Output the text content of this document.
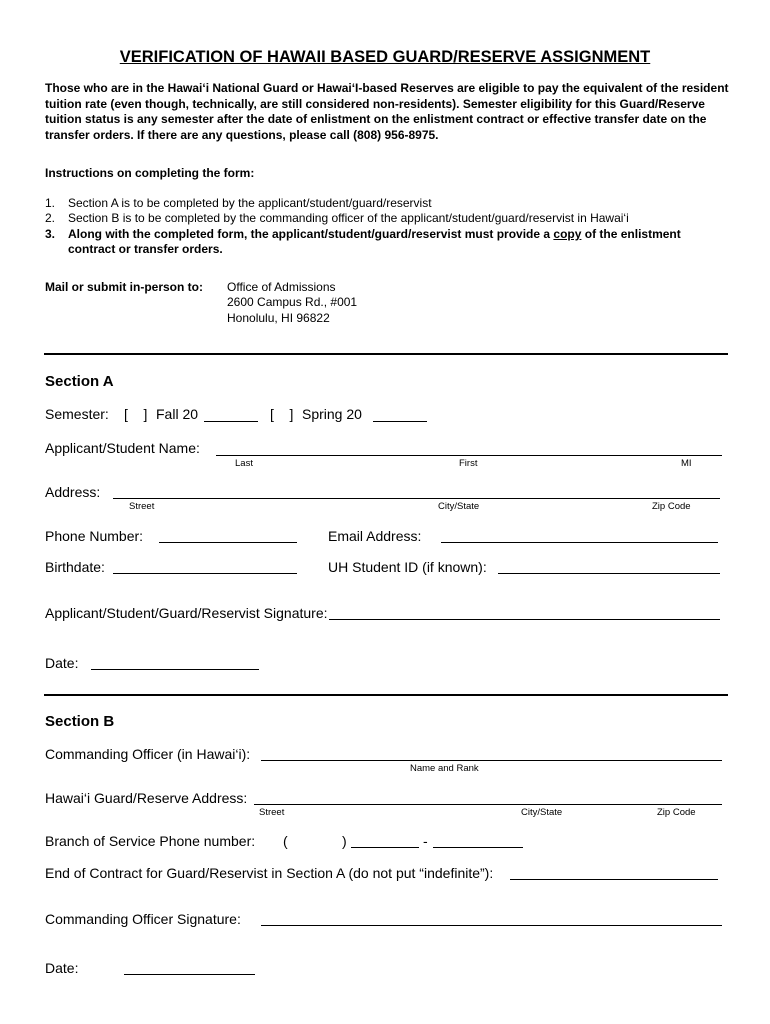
VERIFICATION OF HAWAII BASED GUARD/RESERVE ASSIGNMENT
Those who are in the Hawai‘i National Guard or Hawai‘I-based Reserves are eligible to pay the equivalent of the resident tuition rate (even though, technically, are still considered non-residents). Semester eligibility for this Guard/Reserve tuition status is any semester after the date of enlistment on the enlistment contract or effective transfer date on the transfer orders. If there are any questions, please call (808) 956-8975.
Instructions on completing the form:
1. Section A is to be completed by the applicant/student/guard/reservist
2. Section B is to be completed by the commanding officer of the applicant/student/guard/reservist in Hawai‘i
3. Along with the completed form, the applicant/student/guard/reservist must provide a copy of the enlistment
contract or transfer orders.
Mail or submit in-person to: Office of Admissions
2600 Campus Rd., #001
Honolulu, HI 96822
Section A
Semester: [    ] Fall 20	[    ] Spring 20
Applicant/Student Name:
Last	First	MI
Address:
Street	City/State	Zip Code
Phone Number:	Email Address:
Birthdate:	UH Student ID (if known):
Applicant/Student/Guard/Reservist Signature:
Date:
Section B
Commanding Officer (in Hawai‘i):
Name and Rank
Hawai‘i Guard/Reserve Address:
Street	City/State	Zip Code
Branch of Service Phone number: (	)	-
End of Contract for Guard/Reservist in Section A (do not put “indefinite”):
Commanding Officer Signature:
Date:
